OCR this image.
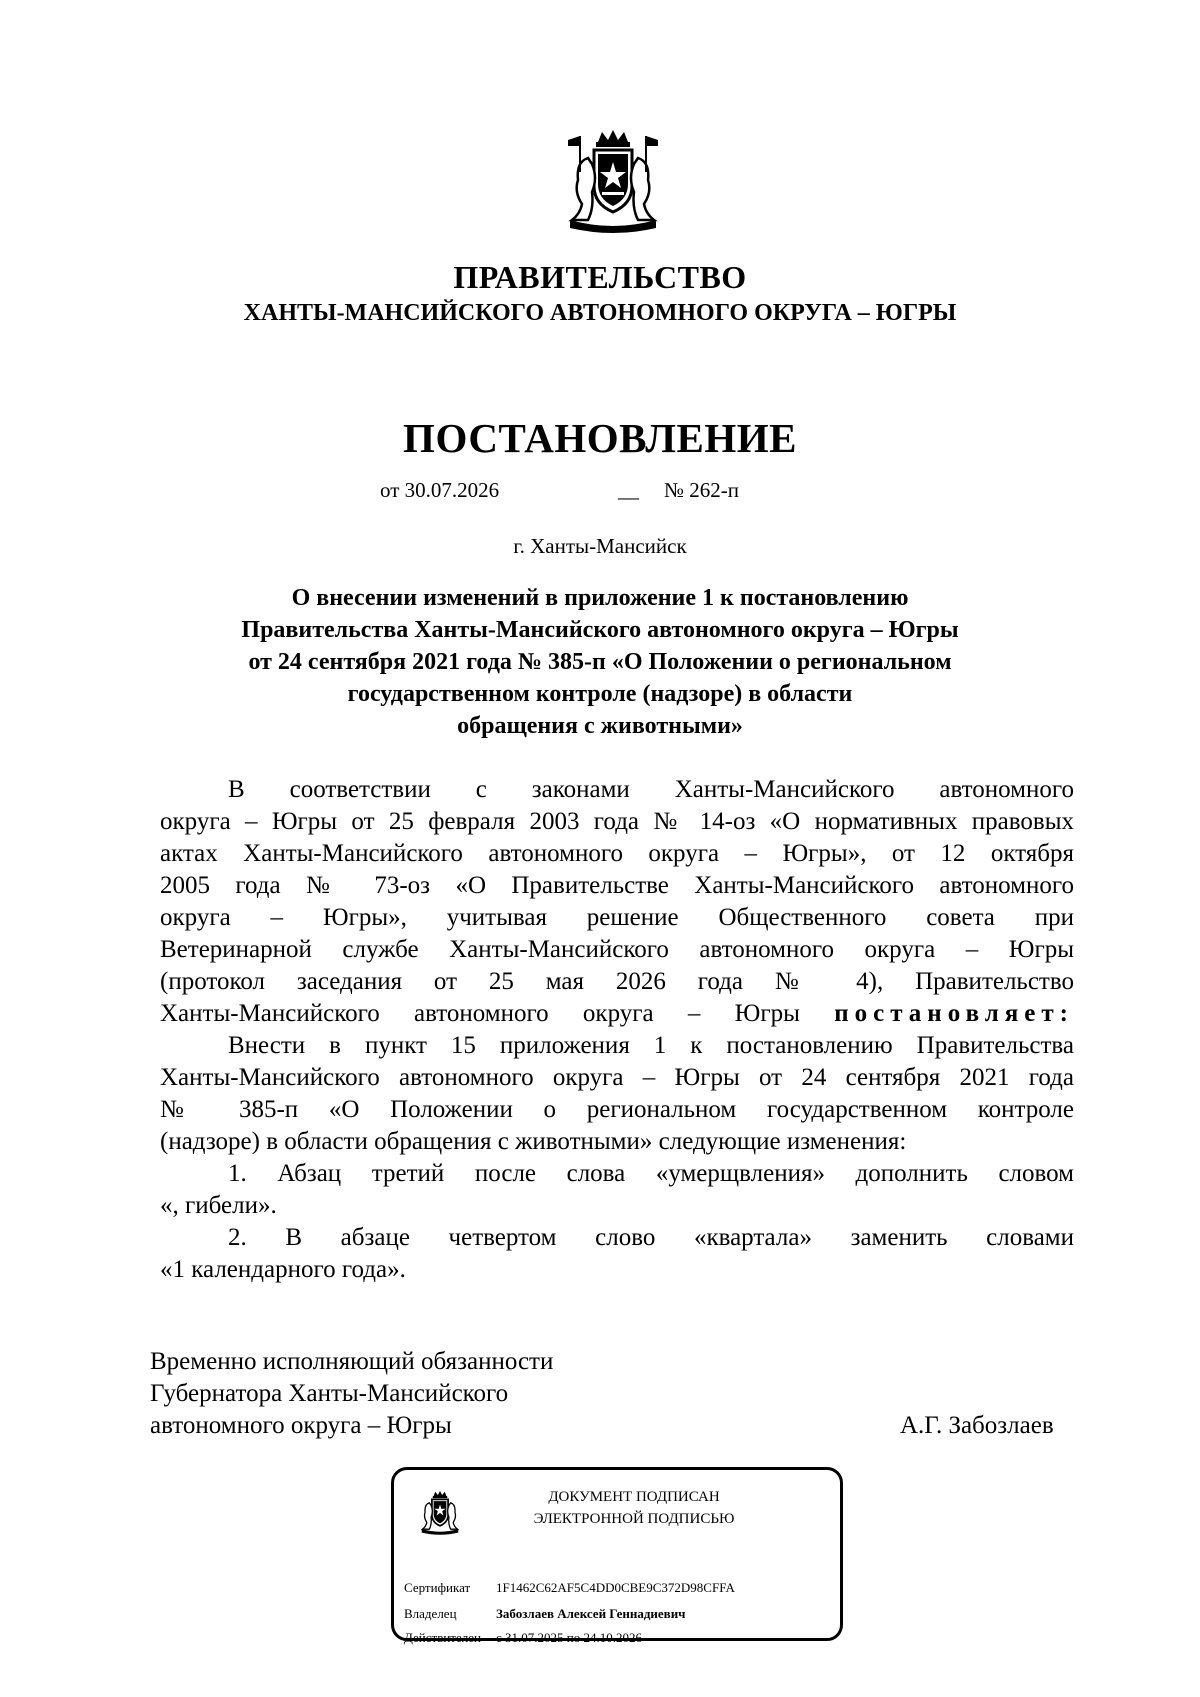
ПРАВИТЕЛЬСТВО
ХАНТЫ-МАНСИЙСКОГО АВТОНОМНОГО ОКРУГА – ЮГРЫ
ПОСТАНОВЛЕНИЕ
от 30.07.2026	__ № 262-п
г. Ханты-Мансийск
О внесении изменений в приложение 1 к постановлению
Правительства Ханты-Мансийского автономного округа – Югры
от 24 сентября 2021 года № 385-п «О Положении о региональном
государственном контроле (надзоре) в области
обращения с животными»
В соответствии с законами Ханты-Мансийского автономного
округа – Югры от 25 февраля 2003 года № 14-оз «О нормативных правовых
актах Ханты-Мансийского автономного округа – Югры», от 12 октября
2005 года № 73-оз «О Правительстве Ханты-Мансийского автономного
округа – Югры», учитывая решение Общественного совета при
Ветеринарной службе Ханты-Мансийского автономного округа – Югры
(протокол заседания от 25 мая 2026 года № 4), Правительство
Ханты-Мансийского автономного округа – Югры постановляет:
Внести в пункт 15 приложения 1 к постановлению Правительства
Ханты-Мансийского автономного округа – Югры от 24 сентября 2021 года
№ 385-п «О Положении о региональном государственном контроле
(надзоре) в области обращения с животными» следующие изменения:
1. Абзац третий после слова «умерщвления» дополнить словом
«, гибели».
2. В абзаце четвертом слово «квартала» заменить словами
«1 календарного года».
Временно исполняющий обязанности
Губернатора Ханты-Мансийского
автономного округа – Югры	А.Г. Забозлаев
ДОКУМЕНТ ПОДПИСАН
ЭЛЕКТРОННОЙ ПОДПИСЬЮ
Сертификат 1F1462C62AF5C4DD0CBE9C372D98CFFA
Владелец	Забозлаев Алексей Геннадиевич
Действителен с 31.07.2025 по 24.10.2026
